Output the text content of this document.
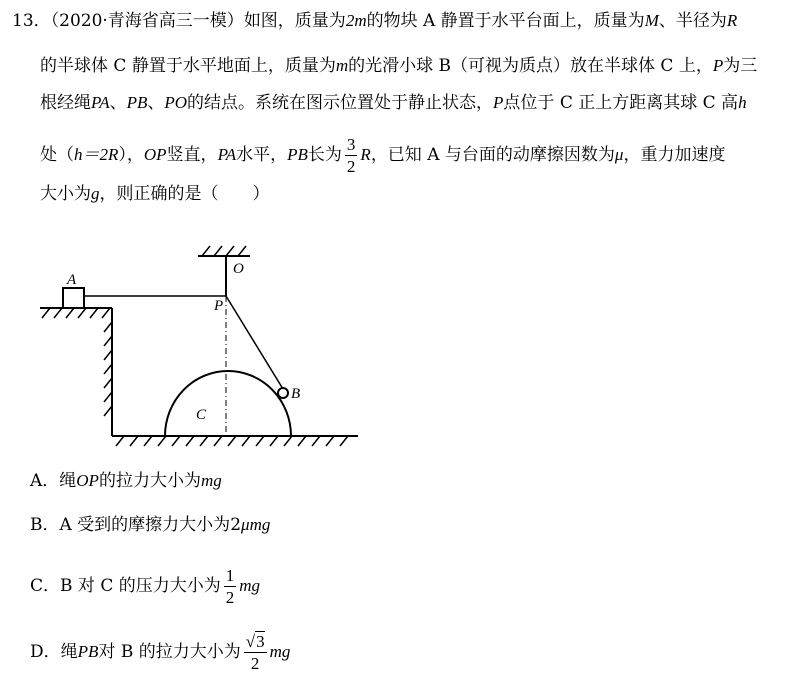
13．（2020·青海省高三一模）如图，质量为2m的物块 A 静置于水平台面上，质量为M、半径为R
的半球体 C 静置于水平地面上，质量为m的光滑小球 B（可视为质点）放在半球体 C 上，P为三
根经绳PA、PB、PO的结点。系统在图示位置处于静止状态，P点位于 C 正上方距离其球 C 高h
处（h＝2R），OP竖直，PA水平，PB长为 $\frac{3}{2}$ R，已知 A 与台面的动摩擦因数为μ，重力加速度
大小为g，则正确的是（　　）
A
O
P
B
C
A．绳OP的拉力大小为mg
B．A 受到的摩擦力大小为2μmg
C．B 对 C 的压力大小为 $\frac{1}{2}$ mg
D．绳PB对 B 的拉力大小为 $\frac{√3}{2}$ mg
